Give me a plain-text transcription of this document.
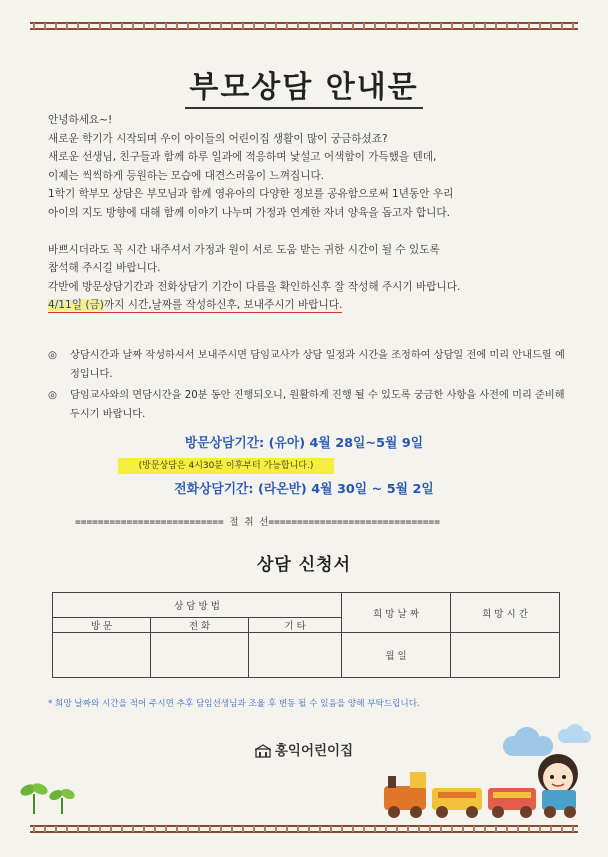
부모상담 안내문

안녕하세요~!

새로운 학기가 시작되며 우이 아이들의 어린이집 생활이 많이 궁금하셨죠?

새로운 선생님, 친구들과 함께 하루 일과에 적응하며 낯설고 어색함이 가득했을 텐데,

이제는 씩씩하게 등원하는 모습에 대견스러움이 느껴집니다.

1학기 학부모 상담은 부모님과 함께 영유아의 다양한 정보를 공유함으로써 1년동안 우리

아이의 지도 방향에 대해 함께 이야기 나누며 가정과 연계한 자녀 양육을 돕고자 합니다.

바쁘시더라도 꼭 시간 내주셔서 가정과 원이 서로 도움 받는 귀한 시간이 될 수 있도록

참석해 주시길 바랍니다.

각반에 방문상담기간과 전화상담기 기간이 다름을 확인하신후 잘 작성해 주시기 바랍니다.

4/11일 (금)까지 시간,날짜를 작성하신후, 보내주시기 바랍니다.

◎	상담시간과 날짜 작성하셔서 보내주시면 담임교사가 상담 일정과 시간을 조정하여 상담일 전에 미리 안내드릴 예정입니다.
◎	담임교사와의 면담시간을 20분 동안 진행되오니, 원활하게 진행 될 수 있도록 궁금한 사항을 사전에 미리 준비해 두시기 바랍니다.
방문상담기간: (유아) 4월 28일~5월 9일
(방문상담은 4시30분 이후부터 가능합니다.)
전화상담기간: (라온반) 4월 30일 ~ 5월 2일
========================== 절 취 선==============================
상담 신청서
상 담 방 법			희 망 날 짜	희 망 시 간
방 문	전 화	기 타		
			월 일	
* 희망 날짜와 시간을 적어 주시면 추후 담임선생님과 조율 후 변동 될 수 있음을 양해 부탁드립니다.
홍익어린이집
